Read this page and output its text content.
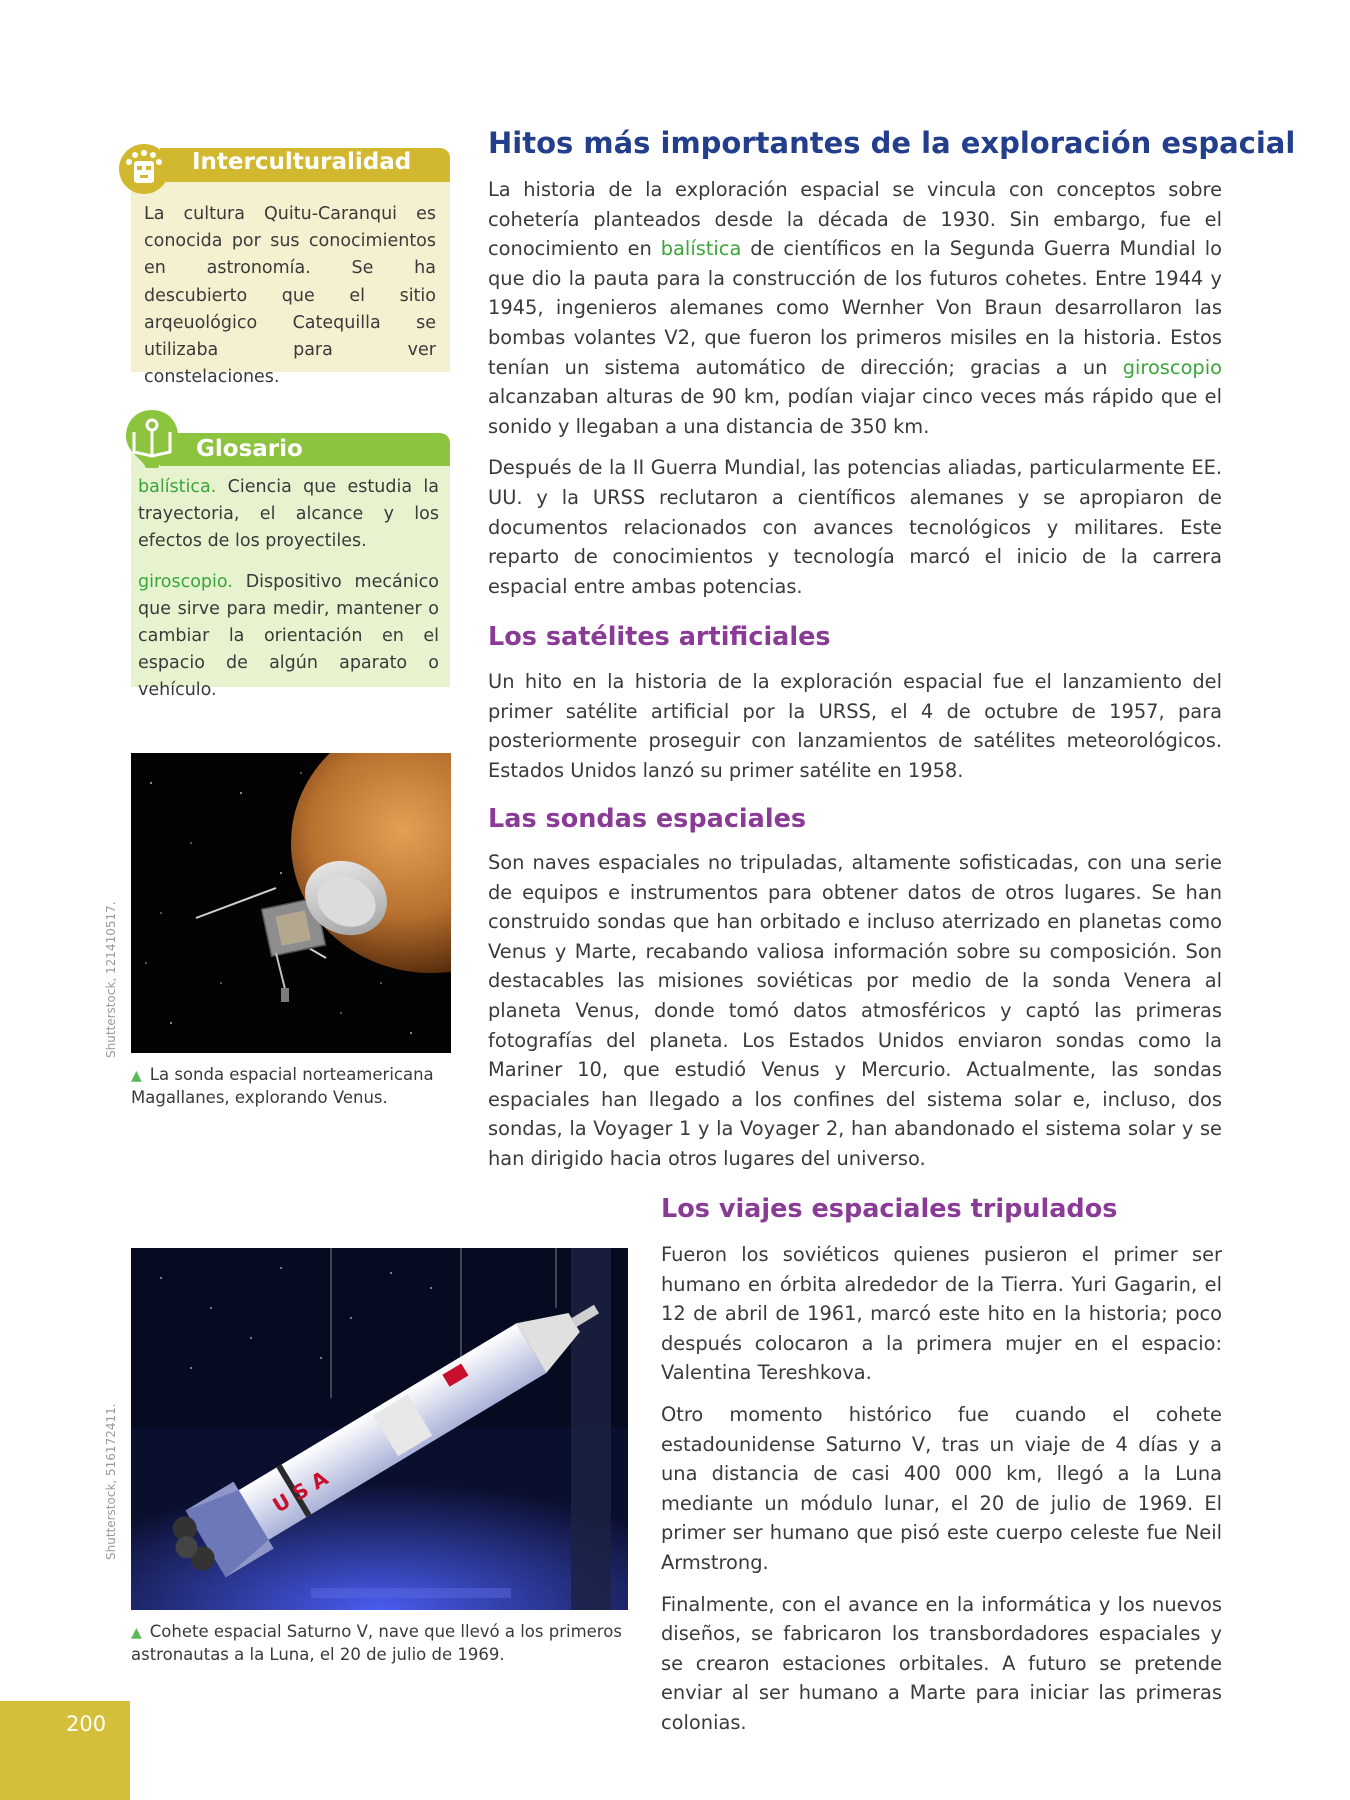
200
Interculturalidad
La cultura Quitu-Caranqui es conocida por sus conocimientos en astronomía. Se ha descubierto que el sitio arqeuológico Catequilla se utilizaba para ver constelaciones.
Glosario

balística. Ciencia que estudia la trayectoria, el alcance y los efectos de los proyectiles.

giroscopio. Dispositivo mecánico que sirve para medir, mantener o cambiar la orientación en el espacio de algún aparato o vehículo.

Shutterstock, 121410517.
▲ La sonda espacial norteamericana Magallanes, explorando Venus.
U S A
Shutterstock, 516172411.
▲ Cohete espacial Saturno V, nave que llevó a los primeros astronautas a la Luna, el 20 de julio de 1969.
Hitos más importantes de la exploración espacial

La historia de la exploración espacial se vincula con conceptos sobre cohetería planteados desde la década de 1930. Sin embargo, fue el conocimiento en balística de científicos en la Segunda Guerra Mundial lo que dio la pauta para la construcción de los futuros cohetes. Entre 1944 y 1945, ingenieros alemanes como Wernher Von Braun desarrollaron las bombas volantes V2, que fueron los primeros misiles en la historia. Estos tenían un sistema automático de dirección; gracias a un giroscopio alcanzaban alturas de 90 km, podían viajar cinco veces más rápido que el sonido y llegaban a una distancia de 350 km.

Después de la II Guerra Mundial, las potencias aliadas, particularmente EE. UU. y la URSS reclutaron a científicos alemanes y se apropiaron de documentos relacionados con avances tecnológicos y militares. Este reparto de conocimientos y tecnología marcó el inicio de la carrera espacial entre ambas potencias.

Los satélites artificiales

Un hito en la historia de la exploración espacial fue el lanzamiento del primer satélite artificial por la URSS, el 4 de octubre de 1957, para posteriormente proseguir con lanzamientos de satélites meteorológicos. Estados Unidos lanzó su primer satélite en 1958.

Las sondas espaciales

Son naves espaciales no tripuladas, altamente sofisticadas, con una serie de equipos e instrumentos para obtener datos de otros lugares. Se han construido sondas que han orbitado e incluso aterrizado en planetas como Venus y Marte, recabando valiosa información sobre su composición. Son destacables las misiones soviéticas por medio de la sonda Venera al planeta Venus, donde tomó datos atmosféricos y captó las primeras fotografías del planeta. Los Estados Unidos enviaron sondas como la Mariner 10, que estudió Venus y Mercurio. Actualmente, las sondas espaciales han llegado a los confines del sistema solar e, incluso, dos sondas, la Voyager 1 y la Voyager 2, han abandonado el sistema solar y se han dirigido hacia otros lugares del universo.

Los viajes espaciales tripulados

Fueron los soviéticos quienes pusieron el primer ser humano en órbita alrededor de la Tierra. Yuri Gagarin, el 12 de abril de 1961, marcó este hito en la historia; poco después colocaron a la primera mujer en el espacio: Valentina Tereshkova.

Otro momento histórico fue cuando el cohete estadounidense Saturno V, tras un viaje de 4 días y a una distancia de casi 400 000 km, llegó a la Luna mediante un módulo lunar, el 20 de julio de 1969. El primer ser humano que pisó este cuerpo celeste fue Neil Armstrong.

Finalmente, con el avance en la informática y los nuevos diseños, se fabricaron los transbordadores espaciales y se crearon estaciones orbitales. A futuro se pretende enviar al ser humano a Marte para iniciar las primeras colonias.
